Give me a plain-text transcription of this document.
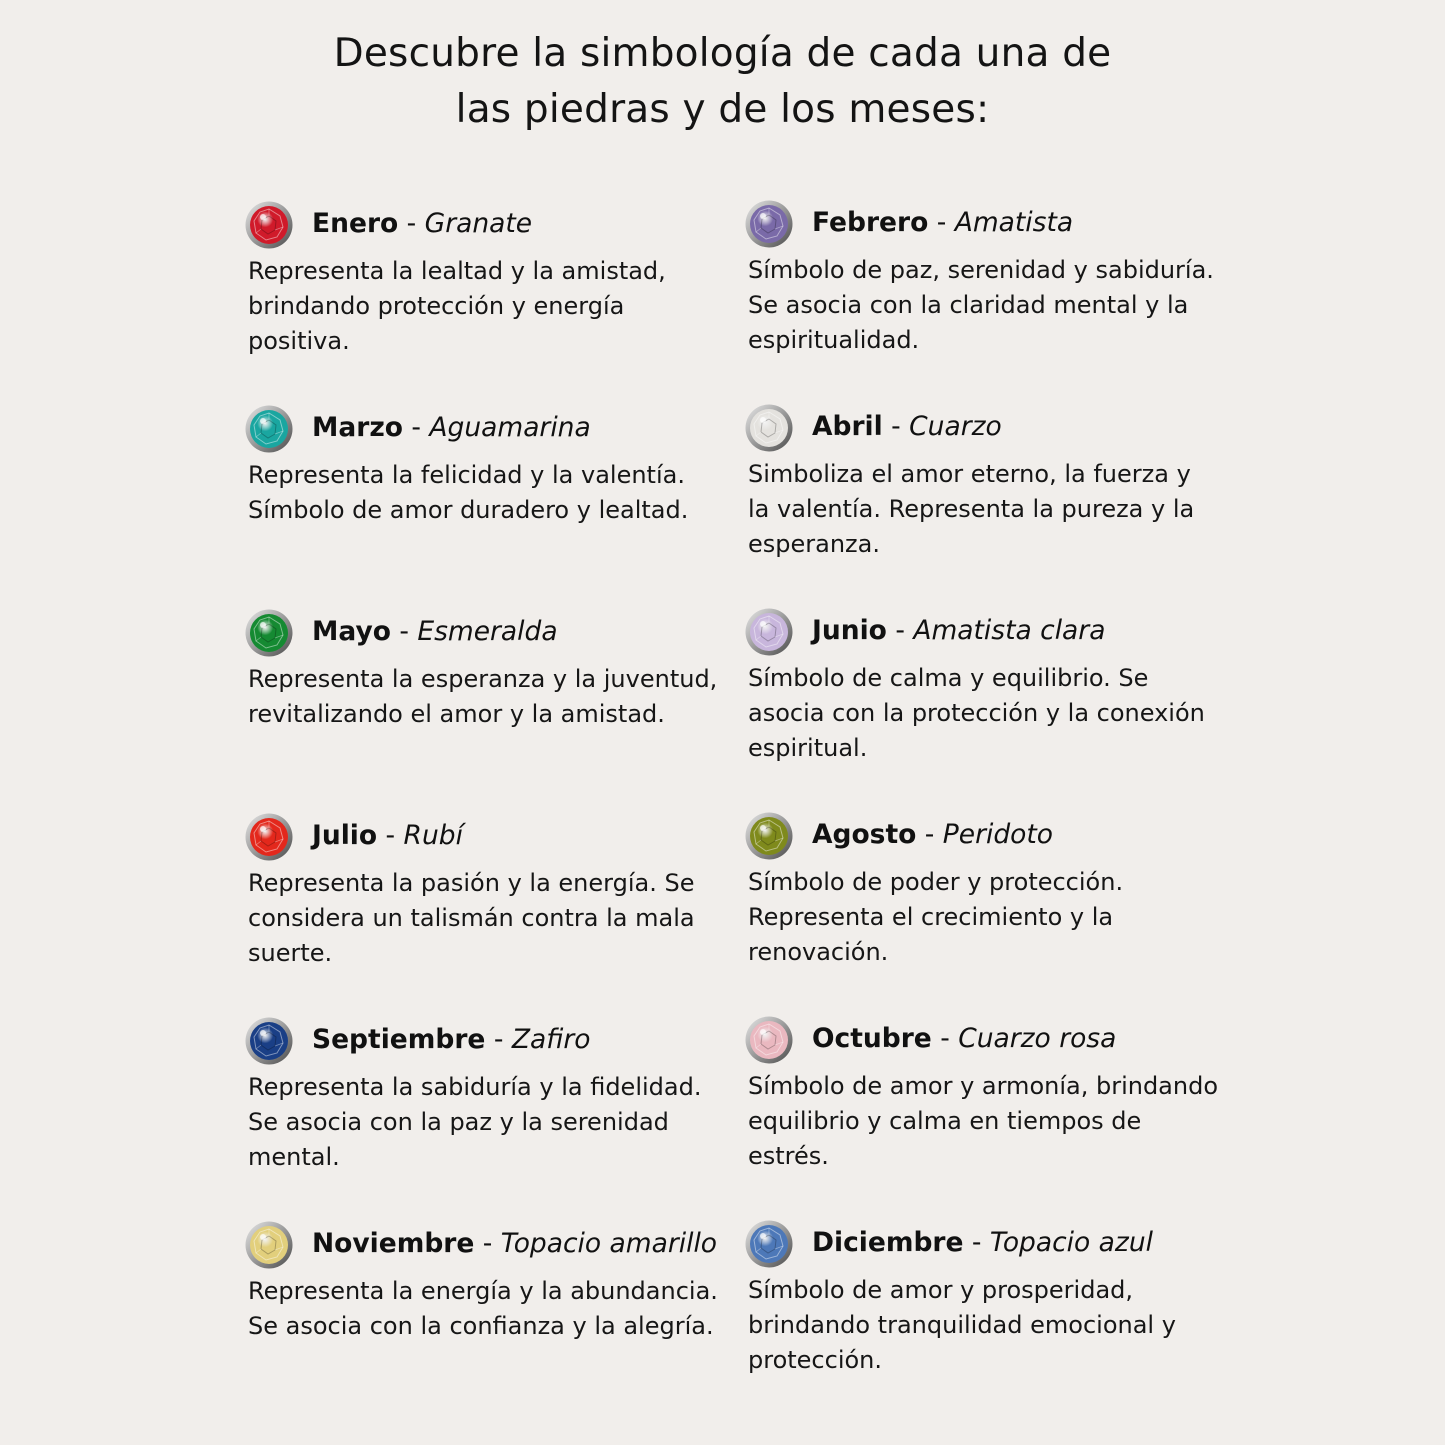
Descubre la simbología de cada una de
las piedras y de los meses:
Enero - Granate
Representa la lealtad y la amistad, brindando protección y energía positiva.
Febrero - Amatista
Símbolo de paz, serenidad y sabiduría. Se asocia con la claridad mental y la espiritualidad.
Marzo - Aguamarina
Representa la felicidad y la valentía. Símbolo de amor duradero y lealtad.
Abril - Cuarzo
Simboliza el amor eterno, la fuerza y la valentía. Representa la pureza y la esperanza.
Mayo - Esmeralda
Representa la esperanza y la juventud, revitalizando el amor y la amistad.
Junio - Amatista clara
Símbolo de calma y equilibrio. Se asocia con la protección y la conexión espiritual.
Julio - Rubí
Representa la pasión y la energía. Se considera un talismán contra la mala suerte.
Agosto - Peridoto
Símbolo de poder y protección. Representa el crecimiento y la renovación.
Septiembre - Zafiro
Representa la sabiduría y la fidelidad. Se asocia con la paz y la serenidad mental.
Octubre - Cuarzo rosa
Símbolo de amor y armonía, brindando equilibrio y calma en tiempos de estrés.
Noviembre - Topacio amarillo
Representa la energía y la abundancia. Se asocia con la confianza y la alegría.
Diciembre - Topacio azul
Símbolo de amor y prosperidad, brindando tranquilidad emocional y protección.
